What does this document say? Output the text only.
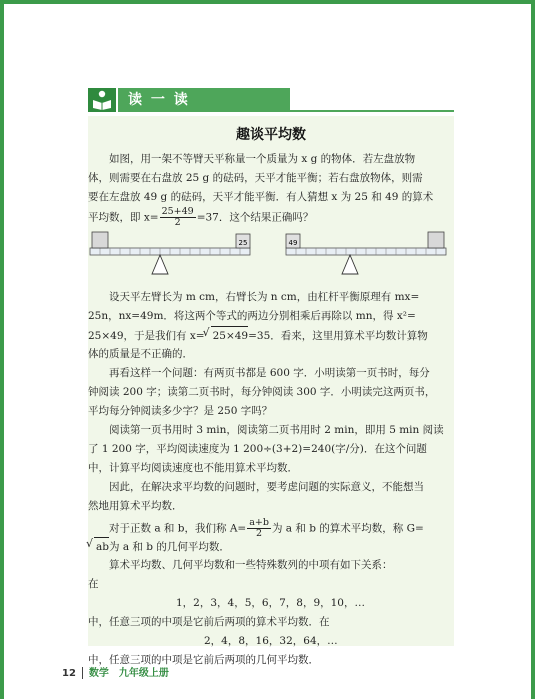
读 一 读
趣谈平均数
如图，用一架不等臂天平称量一个质量为 x g 的物体．若左盘放物
体，则需要在右盘放 25 g 的砝码，天平才能平衡；若右盘放物体，则需
要在左盘放 49 g 的砝码，天平才能平衡．有人猜想 x 为 25 和 49 的算术
平均数，即 $x= \frac{25+49}{2} =37$．这个结果正确吗？
25	49
设天平左臂长为 m cm，右臂长为 n cm，由杠杆平衡原理有 mx=
25n，nx=49m．将这两个等式的两边分别相乘后再除以 mn，得 x²=
25×49，于是我们有 x=√ 25×49=35．看来，这里用算术平均数计算物
体的质量是不正确的．
再看这样一个问题：有两页书都是 600 字．小明读第一页书时，每分
钟阅读 200 字；读第二页书时，每分钟阅读 300 字．小明读完这两页书，
平均每分钟阅读多少字？是 250 字吗？
阅读第一页书用时 3 min，阅读第二页书用时 2 min，即用 5 min 阅读
了 1 200 字，平均阅读速度为 1 200÷(3+2)=240(字/分)．在这个问题
中，计算平均阅读速度也不能用算术平均数．
因此，在解决求平均数的问题时，要考虑问题的实际意义，不能想当
然地用算术平均数．
对于正数 a 和 b，我们称 $A= \frac{a+b}{2}$ 为 a 和 b 的算术平均数，称 G=
√ ab为 a 和 b 的几何平均数．
算术平均数、几何平均数和一些特殊数列的中项有如下关系：
在
1，2，3，4，5，6，7，8，9，10，…
中，任意三项的中项是它前后两项的算术平均数．在
2，4，8，16，32，64，…
中，任意三项的中项是它前后两项的几何平均数．
12 数学　九年级上册
